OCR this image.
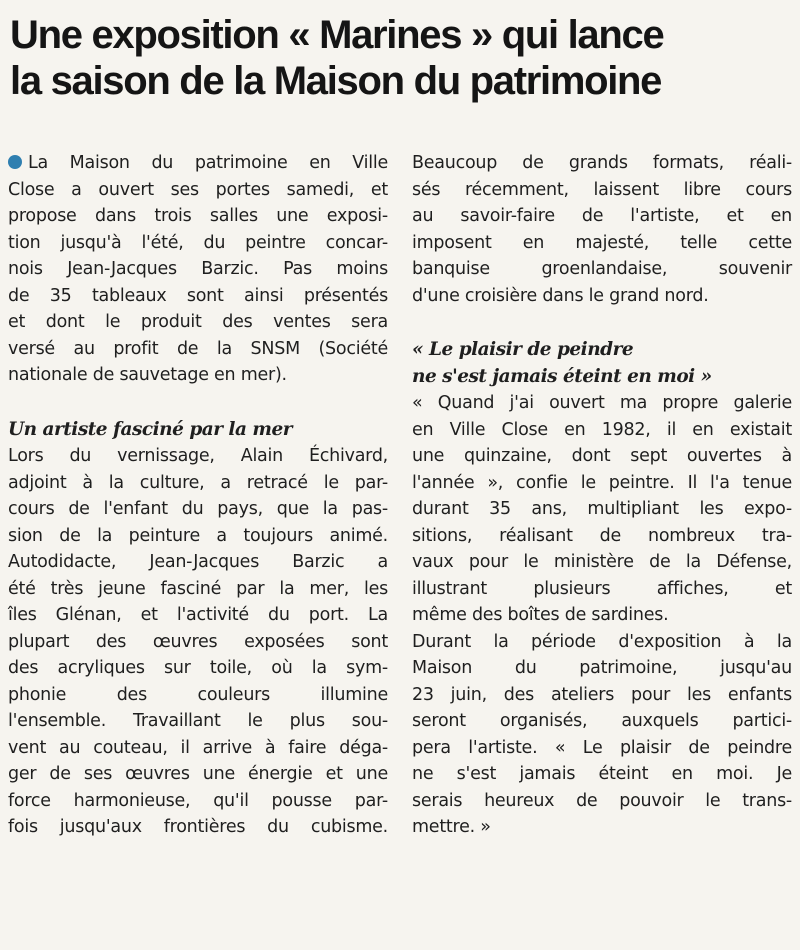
Une exposition « Marines » qui lance
la saison de la Maison du patrimoine

La Maison du patrimoine en Ville
Close a ouvert ses portes samedi, et
propose dans trois salles une exposi-
tion jusqu'à l'été, du peintre concar-
nois Jean-Jacques Barzic. Pas moins
de 35 tableaux sont ainsi présentés
et dont le produit des ventes sera
versé au profit de la SNSM (Société
nationale de sauvetage en mer).

Un artiste fasciné par la mer

Lors du vernissage, Alain Échivard,
adjoint à la culture, a retracé le par-
cours de l'enfant du pays, que la pas-
sion de la peinture a toujours animé.
Autodidacte, Jean-Jacques Barzic a
été très jeune fasciné par la mer, les
îles Glénan, et l'activité du port. La
plupart des œuvres exposées sont
des acryliques sur toile, où la sym-
phonie des couleurs illumine
l'ensemble. Travaillant le plus sou-
vent au couteau, il arrive à faire déga-
ger de ses œuvres une énergie et une
force harmonieuse, qu'il pousse par-
fois jusqu'aux frontières du cubisme.

Beaucoup de grands formats, réali-
sés récemment, laissent libre cours
au savoir-faire de l'artiste, et en
imposent en majesté, telle cette
banquise groenlandaise, souvenir
d'une croisière dans le grand nord.

« Le plaisir de peindre
ne s'est jamais éteint en moi »

« Quand j'ai ouvert ma propre galerie
en Ville Close en 1982, il en existait
une quinzaine, dont sept ouvertes à
l'année », confie le peintre. Il l'a tenue
durant 35 ans, multipliant les expo-
sitions, réalisant de nombreux tra-
vaux pour le ministère de la Défense,
illustrant plusieurs affiches, et
même des boîtes de sardines.

Durant la période d'exposition à la
Maison du patrimoine, jusqu'au
23 juin, des ateliers pour les enfants
seront organisés, auxquels partici-
pera l'artiste. « Le plaisir de peindre
ne s'est jamais éteint en moi. Je
serais heureux de pouvoir le trans-
mettre. »
